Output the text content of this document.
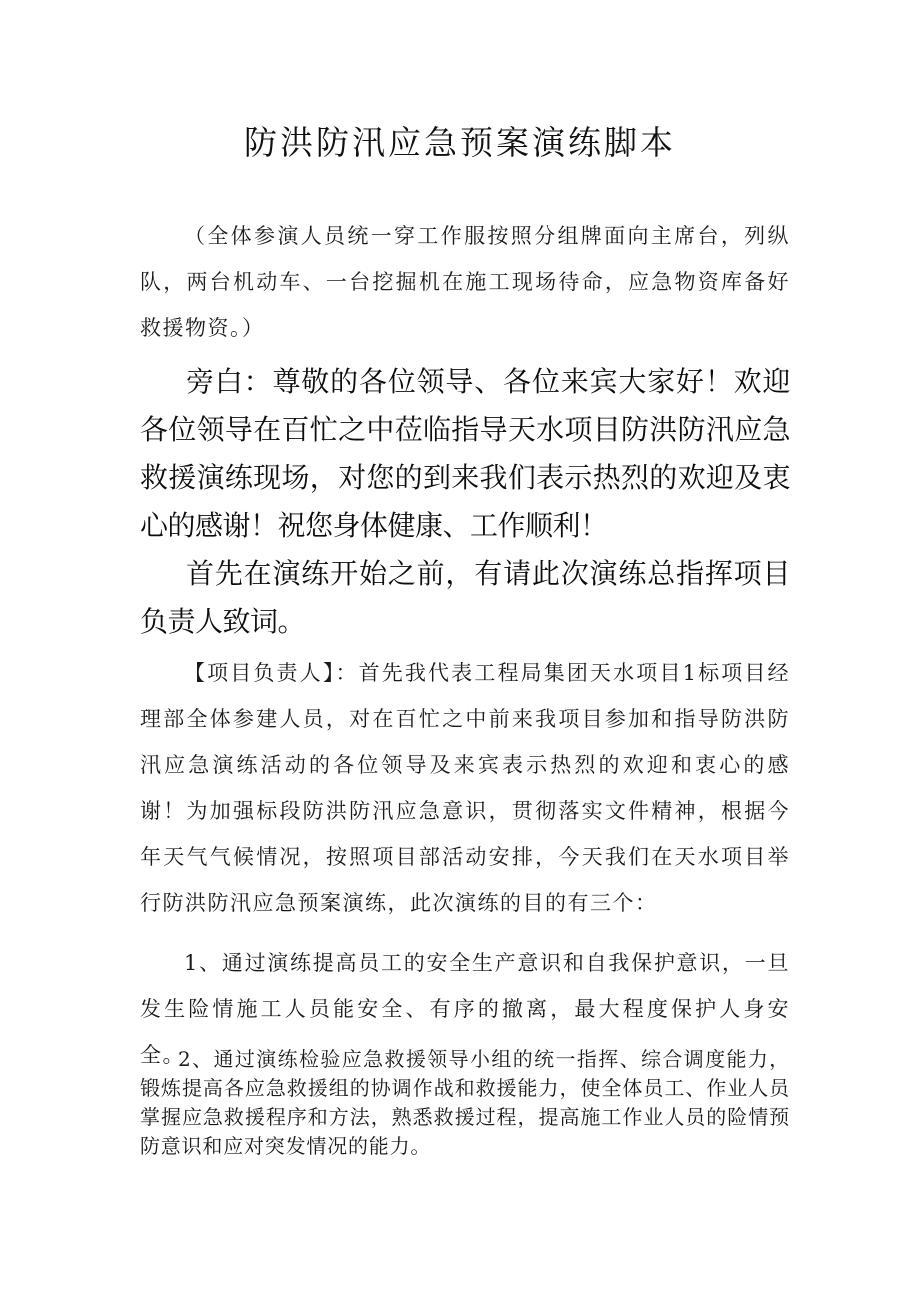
防洪防汛应急预案演练脚本

（全体参演人员统一穿工作服按照分组牌面向主席台，列纵队，两台机动车、一台挖掘机在施工现场待命，应急物资库备好救援物资。）

旁白：尊敬的各位领导、各位来宾大家好！欢迎各位领导在百忙之中莅临指导天水项目防洪防汛应急救援演练现场，对您的到来我们表示热烈的欢迎及衷心的感谢！祝您身体健康、工作顺利！

首先在演练开始之前，有请此次演练总指挥项目负责人致词。

【项目负责人】：首先我代表工程局集团天水项目1标项目经理部全体参建人员，对在百忙之中前来我项目参加和指导防洪防汛应急演练活动的各位领导及来宾表示热烈的欢迎和衷心的感谢！为加强标段防洪防汛应急意识，贯彻落实文件精神，根据今年天气气候情况，按照项目部活动安排，今天我们在天水项目举行防洪防汛应急预案演练，此次演练的目的有三个：

1、通过演练提高员工的安全生产意识和自我保护意识，一旦发生险情施工人员能安全、有序的撤离，最大程度保护人身安全。

2、通过演练检验应急救援领导小组的统一指挥、综合调度能力，锻炼提高各应急救援组的协调作战和救援能力，使全体员工、作业人员掌握应急救援程序和方法，熟悉救援过程，提高施工作业人员的险情预防意识和应对突发情况的能力。
